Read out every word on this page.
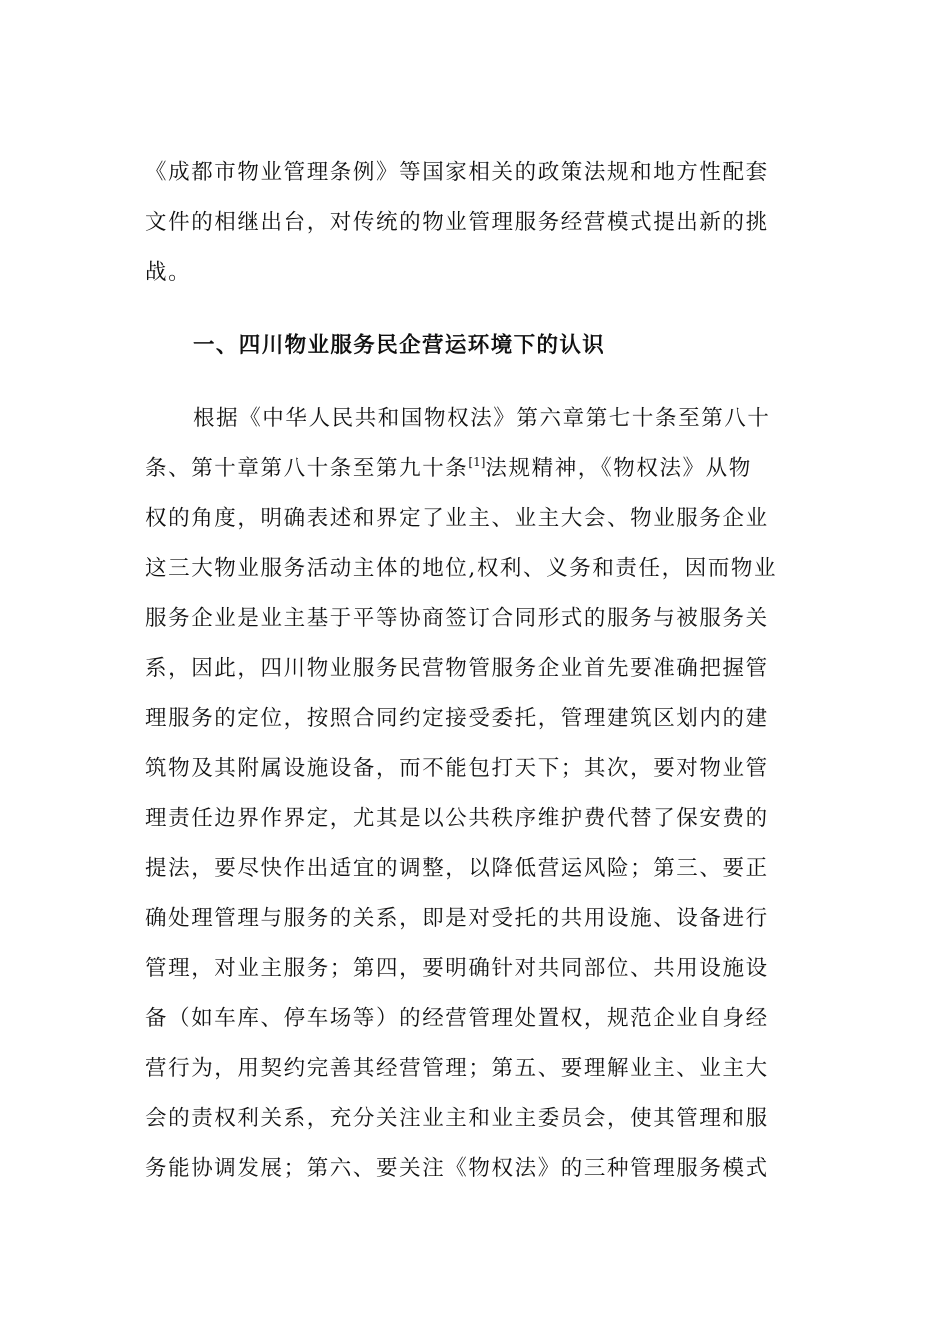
《成都市物业管理条例》等国家相关的政策法规和地方性配套
文件的相继出台，对传统的物业管理服务经营模式提出新的挑
战。
一、四川物业服务民企营运环境下的认识
根据《中华人民共和国物权法》第六章第七十条至第八十
条、第十章第八十条至第九十条[1]法规精神，《物权法》从物
权的角度，明确表述和界定了业主、业主大会、物业服务企业
这三大物业服务活动主体的地位,权利、义务和责任，因而物业
服务企业是业主基于平等协商签订合同形式的服务与被服务关
系，因此，四川物业服务民营物管服务企业首先要准确把握管
理服务的定位，按照合同约定接受委托，管理建筑区划内的建
筑物及其附属设施设备，而不能包打天下；其次，要对物业管
理责任边界作界定，尤其是以公共秩序维护费代替了保安费的
提法，要尽快作出适宜的调整，以降低营运风险；第三、要正
确处理管理与服务的关系，即是对受托的共用设施、设备进行
管理，对业主服务；第四，要明确针对共同部位、共用设施设
备（如车库、停车场等）的经营管理处置权，规范企业自身经
营行为，用契约完善其经营管理；第五、要理解业主、业主大
会的责权利关系，充分关注业主和业主委员会，使其管理和服
务能协调发展；第六、要关注《物权法》的三种管理服务模式
